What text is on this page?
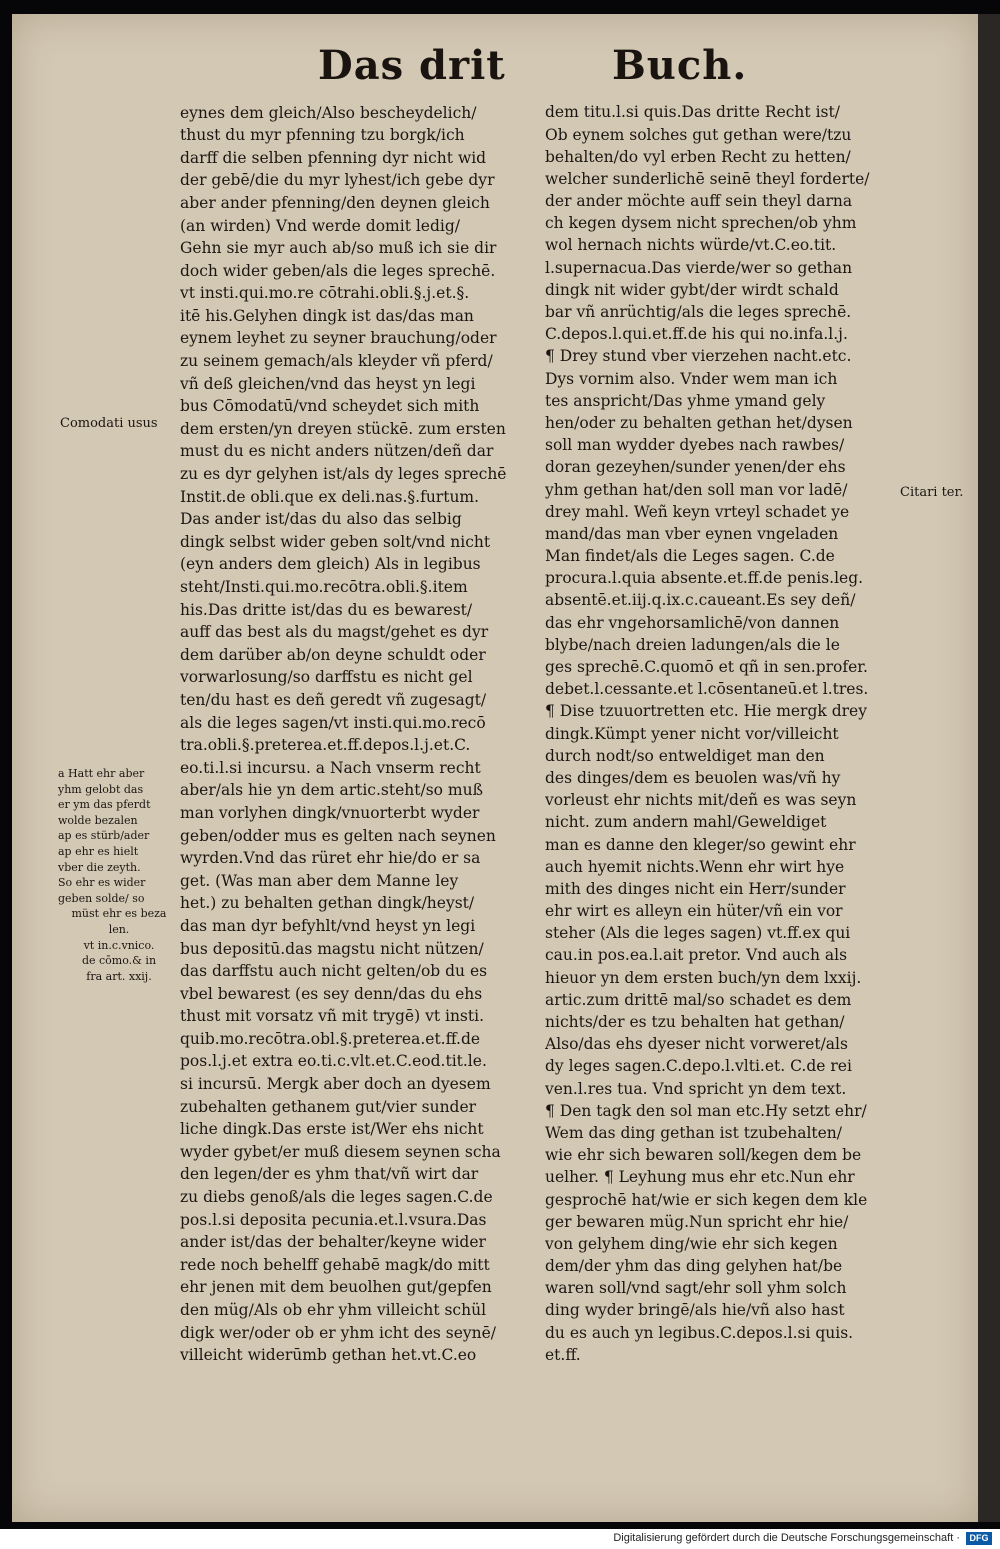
Das drit	Buch.
Comodati usus
Citari ter.
a Hatt ehr aber
yhm gelobt das
er ym das pferdt
wolde bezalen
ap es stürb/ader
ap ehr es hielt
vber die zeyth.
So ehr es wider
geben solde/ so
müst ehr es beza
len.
vt in.c.vnico.
de cōmo.& in
fra art. xxij.
eynes dem gleich/Also bescheydelich/
thust du myr pfenning tzu borgk/ich
darff die selben pfenning dyr nicht wid
der gebē/die du myr lyhest/ich gebe dyr
aber ander pfenning/den deynen gleich
(an wirden) Vnd werde domit ledig/
Gehn sie myr auch ab/so muß ich sie dir
doch wider geben/als die leges sprechē.
vt insti.qui.mo.re cōtrahi.obli.§.j.et.§.
itē his.Gelyhen dingk ist das/das man
eynem leyhet zu seyner brauchung/oder
zu seinem gemach/als kleyder vñ pferd/
vñ deß gleichen/vnd das heyst yn legi
bus Cōmodatū/vnd scheydet sich mith
dem ersten/yn dreyen stückē. zum ersten
must du es nicht anders nützen/deñ dar
zu es dyr gelyhen ist/als dy leges sprechē
Instit.de obli.que ex deli.nas.§.furtum.
Das ander ist/das du also das selbig
dingk selbst wider geben solt/vnd nicht
(eyn anders dem gleich) Als in legibus
steht/Insti.qui.mo.recōtra.obli.§.item
his.Das dritte ist/das du es bewarest/
auff das best als du magst/gehet es dyr
dem darüber ab/on deyne schuldt oder
vorwarlosung/so darffstu es nicht gel
ten/du hast es deñ geredt vñ zugesagt/
als die leges sagen/vt insti.qui.mo.recō
tra.obli.§.preterea.et.ff.depos.l.j.et.C.
eo.ti.l.si incursu. a Nach vnserm recht
aber/als hie yn dem artic.steht/so muß
man vorlyhen dingk/vnuorterbt wyder
geben/odder mus es gelten nach seynen
wyrden.Vnd das rüret ehr hie/do er sa
get. (Was man aber dem Manne ley
het.) zu behalten gethan dingk/heyst/
das man dyr befyhlt/vnd heyst yn legi
bus depositū.das magstu nicht nützen/
das darffstu auch nicht gelten/ob du es
vbel bewarest (es sey denn/das du ehs
thust mit vorsatz vñ mit trygē) vt insti.
quib.mo.recōtra.obl.§.preterea.et.ff.de
pos.l.j.et extra eo.ti.c.vlt.et.C.eod.tit.le.
si incursū. Mergk aber doch an dyesem
zubehalten gethanem gut/vier sunder
liche dingk.Das erste ist/Wer ehs nicht
wyder gybet/er muß diesem seynen scha
den legen/der es yhm that/vñ wirt dar
zu diebs genoß/als die leges sagen.C.de
pos.l.si deposita pecunia.et.l.vsura.Das
ander ist/das der behalter/keyne wider
rede noch behelff gehabē magk/do mitt
ehr jenen mit dem beuolhen gut/gepfen
den müg/Als ob ehr yhm villeicht schül
digk wer/oder ob er yhm icht des seynē/
villeicht widerūmb gethan het.vt.C.eo
dem titu.l.si quis.Das dritte Recht ist/
Ob eynem solches gut gethan were/tzu
behalten/do vyl erben Recht zu hetten/
welcher sunderlichē seinē theyl forderte/
der ander möchte auff sein theyl darna
ch kegen dysem nicht sprechen/ob yhm
wol hernach nichts würde/vt.C.eo.tit.
l.supernacua.Das vierde/wer so gethan
dingk nit wider gybt/der wirdt schald
bar vñ anrüchtig/als die leges sprechē.
C.depos.l.qui.et.ff.de his qui no.infa.l.j.
¶ Drey stund vber vierzehen nacht.etc.
Dys vornim also. Vnder wem man ich
tes anspricht/Das yhme ymand gely
hen/oder zu behalten gethan het/dysen
soll man wydder dyebes nach rawbes/
doran gezeyhen/sunder yenen/der ehs
yhm gethan hat/den soll man vor ladē/
drey mahl. Weñ keyn vrteyl schadet ye
mand/das man vber eynen vngeladen
Man findet/als die Leges sagen. C.de
procura.l.quia absente.et.ff.de penis.leg.
absentē.et.iij.q.ix.c.caueant.Es sey deñ/
das ehr vngehorsamlichē/von dannen
blybe/nach dreien ladungen/als die le
ges sprechē.C.quomō et qñ in sen.profer.
debet.l.cessante.et l.cōsentaneū.et l.tres.
¶ Dise tzuuortretten etc. Hie mergk drey
dingk.Kümpt yener nicht vor/villeicht
durch nodt/so entweldiget man den
des dinges/dem es beuolen was/vñ hy
vorleust ehr nichts mit/deñ es was seyn
nicht. zum andern mahl/Geweldiget
man es danne den kleger/so gewint ehr
auch hyemit nichts.Wenn ehr wirt hye
mith des dinges nicht ein Herr/sunder
ehr wirt es alleyn ein hüter/vñ ein vor
steher (Als die leges sagen) vt.ff.ex qui
cau.in pos.ea.l.ait pretor. Vnd auch als
hieuor yn dem ersten buch/yn dem lxxij.
artic.zum drittē mal/so schadet es dem
nichts/der es tzu behalten hat gethan/
Also/das ehs dyeser nicht vorweret/als
dy leges sagen.C.depo.l.vlti.et. C.de rei
ven.l.res tua. Vnd spricht yn dem text.
¶ Den tagk den sol man etc.Hy setzt ehr/
Wem das ding gethan ist tzubehalten/
wie ehr sich bewaren soll/kegen dem be
uelher. ¶ Leyhung mus ehr etc.Nun ehr
gesprochē hat/wie er sich kegen dem kle
ger bewaren müg.Nun spricht ehr hie/
von gelyhem ding/wie ehr sich kegen
dem/der yhm das ding gelyhen hat/be
waren soll/vnd sagt/ehr soll yhm solch
ding wyder bringē/als hie/vñ also hast
du es auch yn legibus.C.depos.l.si quis.
et.ff.
Digitalisierung gefördert durch die Deutsche Forschungsgemeinschaft ·	DFG
